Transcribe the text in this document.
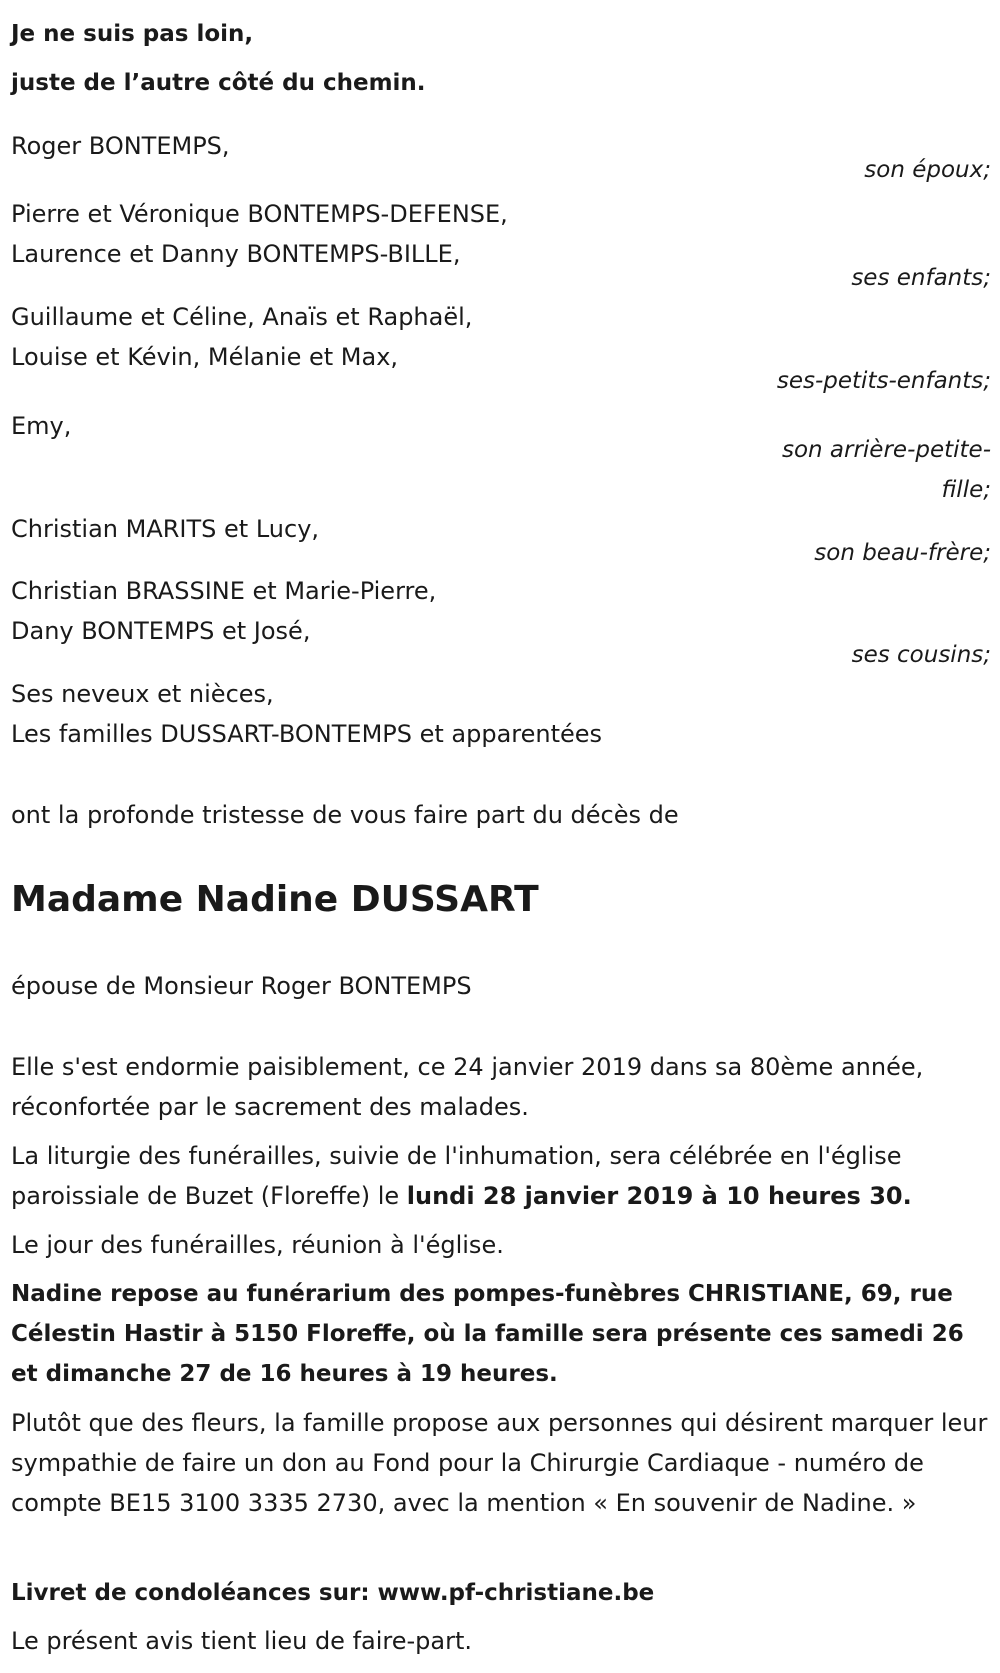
Je ne suis pas loin,
juste de l’autre côté du chemin.
Roger BONTEMPS,
son époux;
Pierre et Véronique BONTEMPS-DEFENSE,
Laurence et Danny BONTEMPS-BILLE,
ses enfants;
Guillaume et Céline, Anaïs et Raphaël,
Louise et Kévin, Mélanie et Max,
ses-petits-enfants;
Emy,
son arrière-petite-
fille;
Christian MARITS et Lucy,
son beau-frère;
Christian BRASSINE et Marie-Pierre,
Dany BONTEMPS et José,
ses cousins;
Ses neveux et nièces,
Les familles DUSSART-BONTEMPS et apparentées
ont la profonde tristesse de vous faire part du décès de
Madame Nadine DUSSART
épouse de Monsieur Roger BONTEMPS
Elle s'est endormie paisiblement, ce 24 janvier 2019 dans sa 80ème année, réconfortée par le sacrement des malades.
La liturgie des funérailles, suivie de l'inhumation, sera célébrée en l'église paroissiale de Buzet (Floreffe) le lundi 28 janvier 2019 à 10 heures 30.
Le jour des funérailles, réunion à l'église.
Nadine repose au funérarium des pompes-funèbres CHRISTIANE, 69, rue Célestin Hastir à 5150 Floreffe, où la famille sera présente ces samedi 26 et dimanche 27 de 16 heures à 19 heures.
Plutôt que des fleurs, la famille propose aux personnes qui désirent marquer leur sympathie de faire un don au Fond pour la Chirurgie Cardiaque - numéro de compte BE15 3100 3335 2730, avec la mention « En souvenir de Nadine. »
Livret de condoléances sur: www.pf-christiane.be
Le présent avis tient lieu de faire-part.
